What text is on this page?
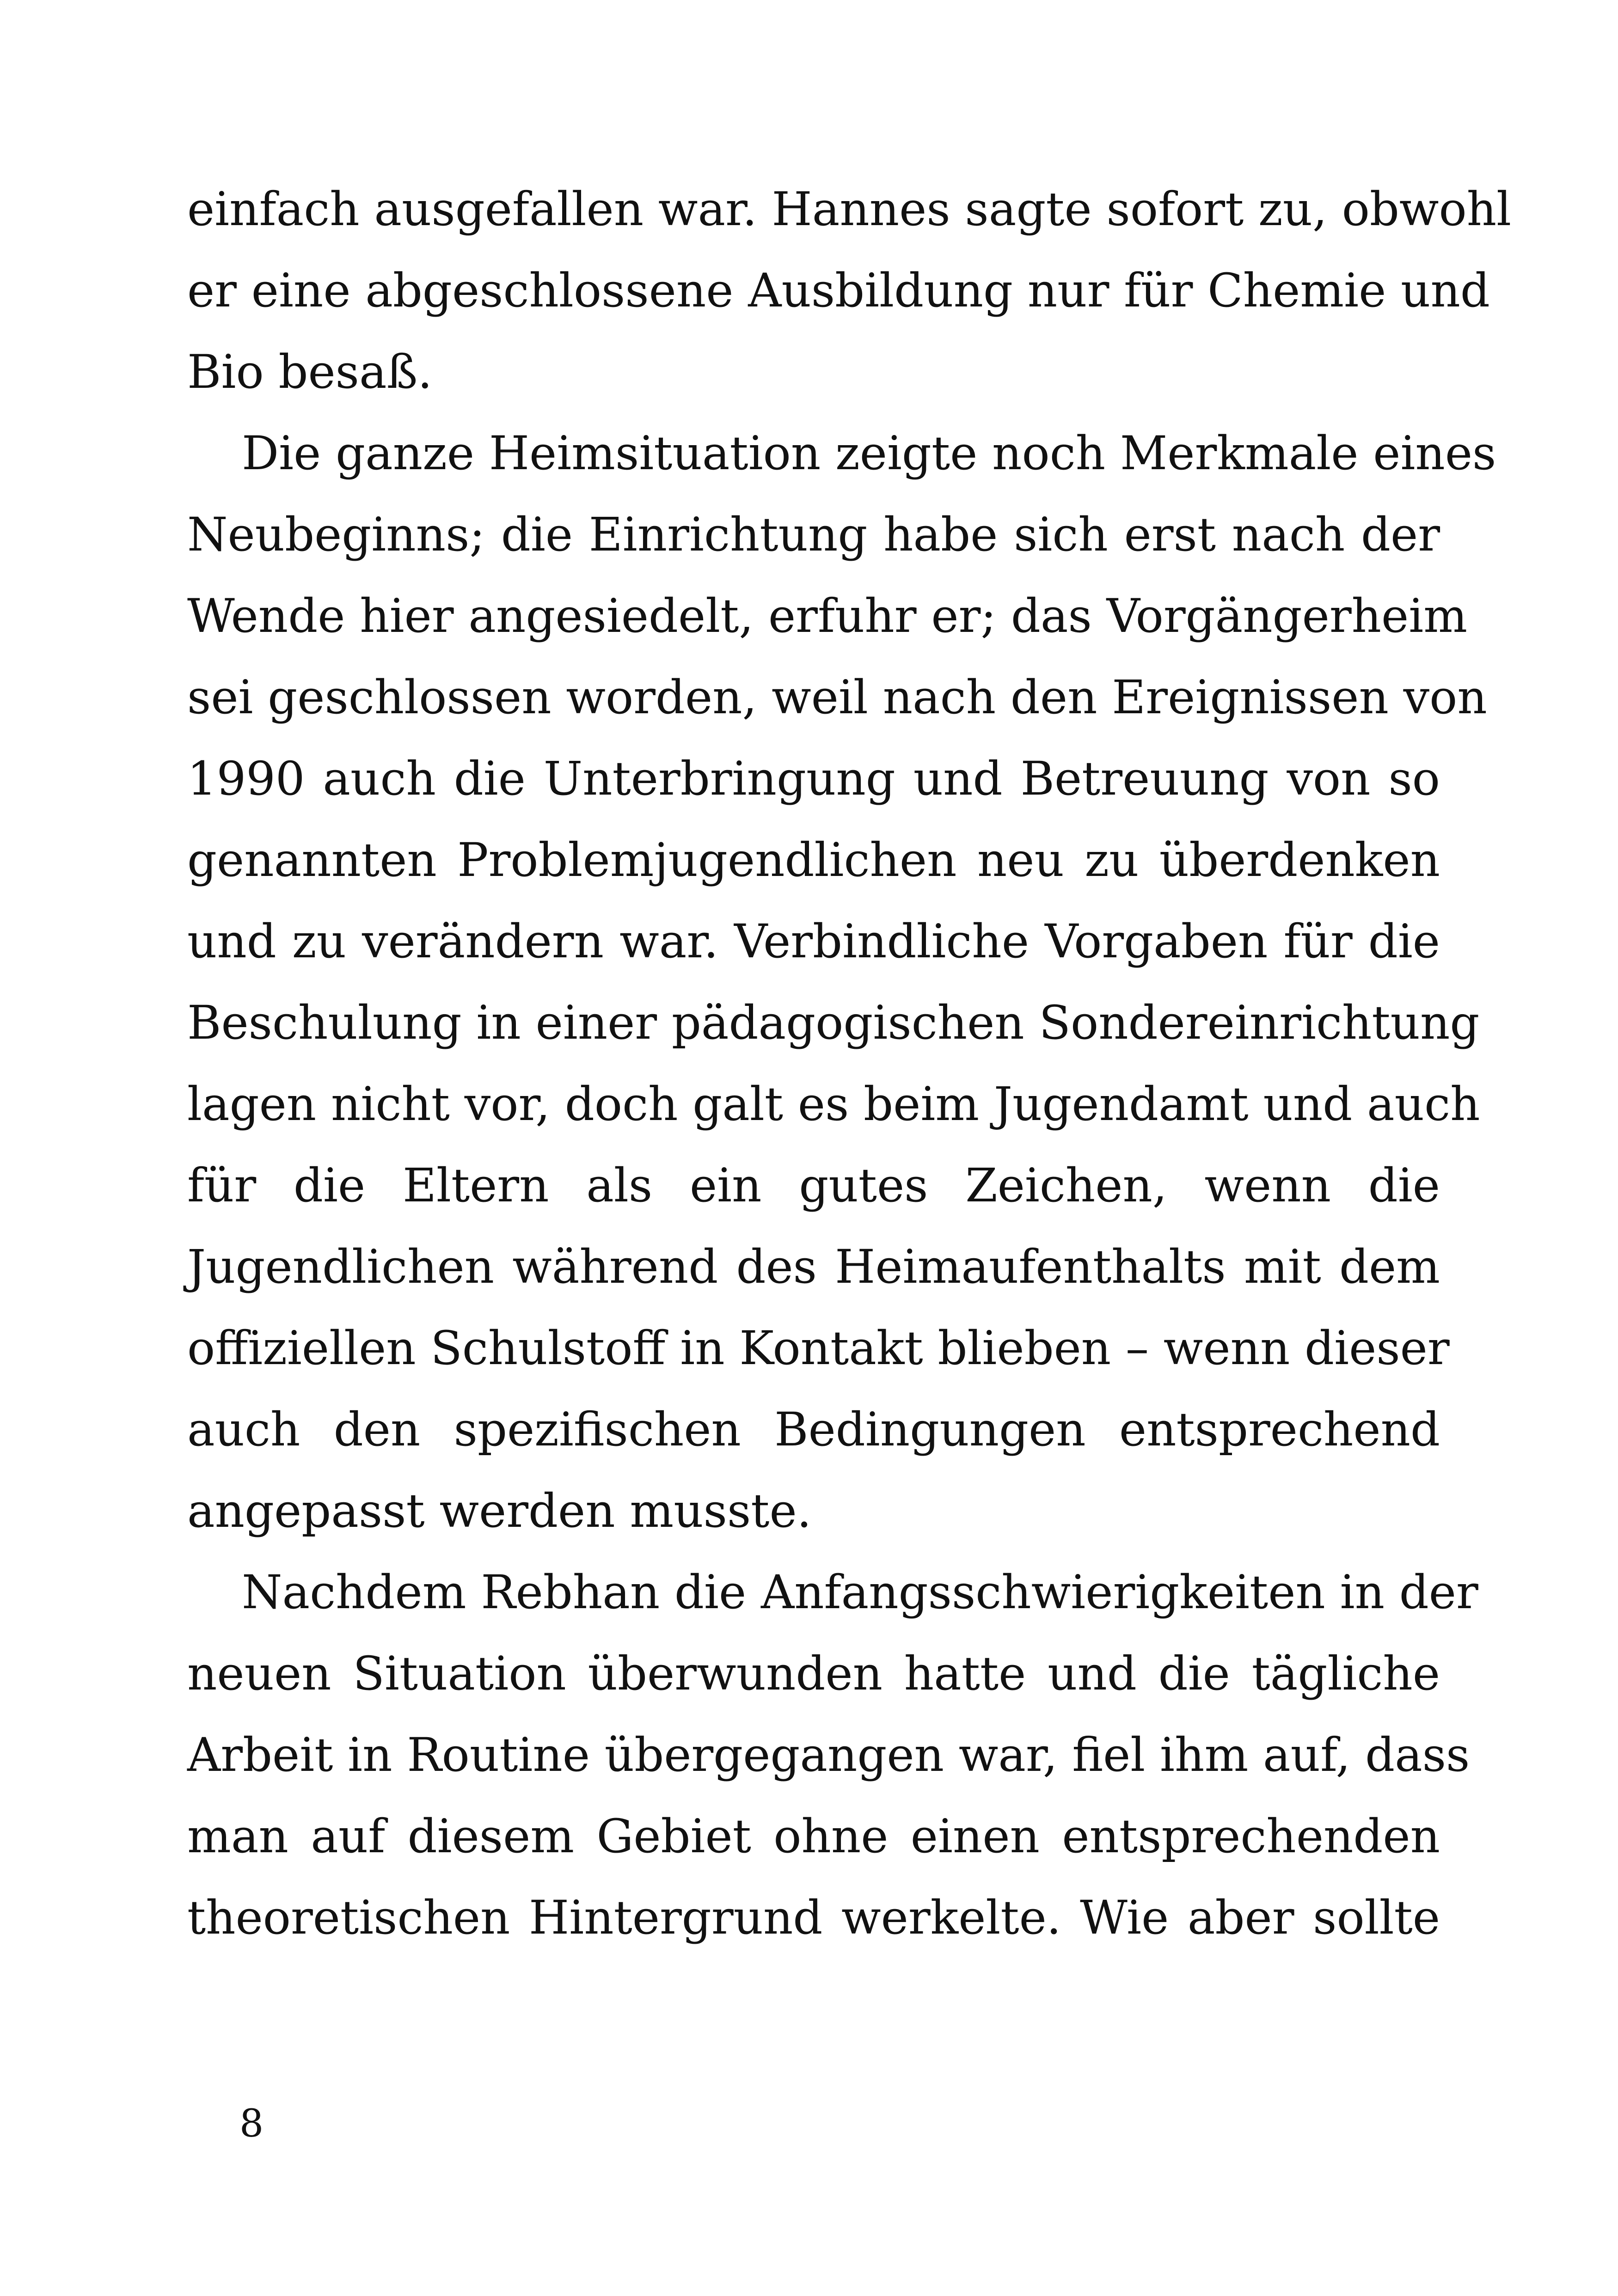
einfach ausgefallen war. Hannes sagte sofort zu, obwohl
er eine abgeschlossene Ausbildung nur für Chemie und
Bio besaß.
Die ganze Heimsituation zeigte noch Merkmale eines
Neubeginns; die Einrichtung habe sich erst nach der
Wende hier angesiedelt, erfuhr er; das Vorgängerheim
sei geschlossen worden, weil nach den Ereignissen von
1990 auch die Unterbringung und Betreuung von so
genannten Problemjugendlichen neu zu überdenken
und zu verändern war. Verbindliche Vorgaben für die
Beschulung in einer pädagogischen Sondereinrichtung
lagen nicht vor, doch galt es beim Jugendamt und auch
für die Eltern als ein gutes Zeichen, wenn die
Jugendlichen während des Heimaufenthalts mit dem
offiziellen Schulstoff in Kontakt blieben – wenn dieser
auch den spezifischen Bedingungen entsprechend
angepasst werden musste.
Nachdem Rebhan die Anfangsschwierigkeiten in der
neuen Situation überwunden hatte und die tägliche
Arbeit in Routine übergegangen war, fiel ihm auf, dass
man auf diesem Gebiet ohne einen entsprechenden
theoretischen Hintergrund werkelte. Wie aber sollte
8
